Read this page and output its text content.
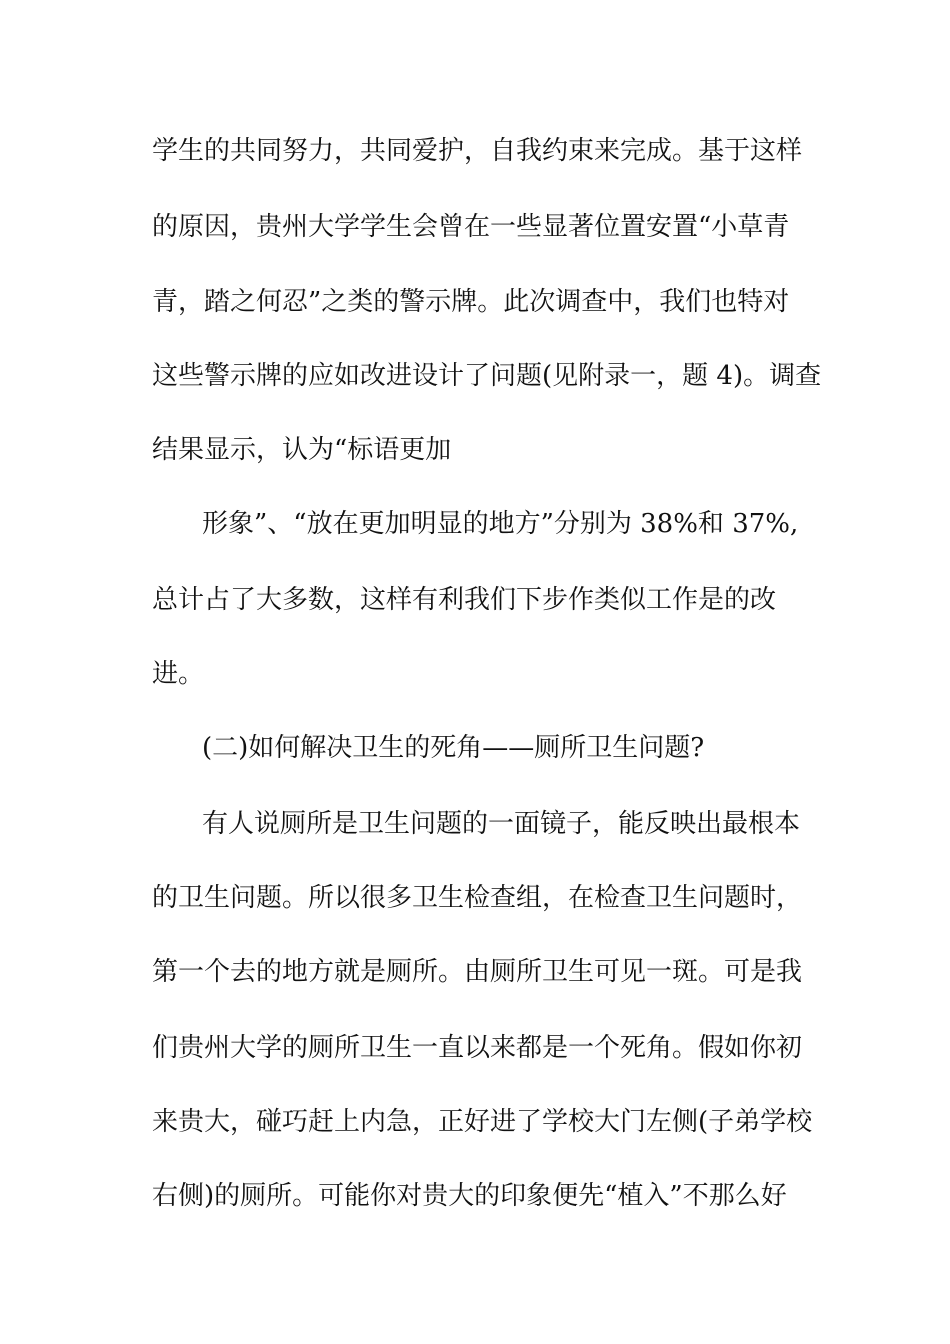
学生的共同努力，共同爱护，自我约束来完成。基于这样
的原因，贵州大学学生会曾在一些显著位置安置“小草青
青，踏之何忍”之类的警示牌。此次调查中，我们也特对
这些警示牌的应如改进设计了问题(见附录一，题 4)。调查
结果显示，认为“标语更加
形象”、“放在更加明显的地方”分别为 38%和 37%,
总计占了大多数，这样有利我们下步作类似工作是的改
进。
(二)如何解决卫生的死角——厕所卫生问题?
有人说厕所是卫生问题的一面镜子，能反映出最根本
的卫生问题。所以很多卫生检查组，在检查卫生问题时，
第一个去的地方就是厕所。由厕所卫生可见一斑。可是我
们贵州大学的厕所卫生一直以来都是一个死角。假如你初
来贵大，碰巧赶上内急，正好进了学校大门左侧(子弟学校
右侧)的厕所。可能你对贵大的印象便先“植入”不那么好
